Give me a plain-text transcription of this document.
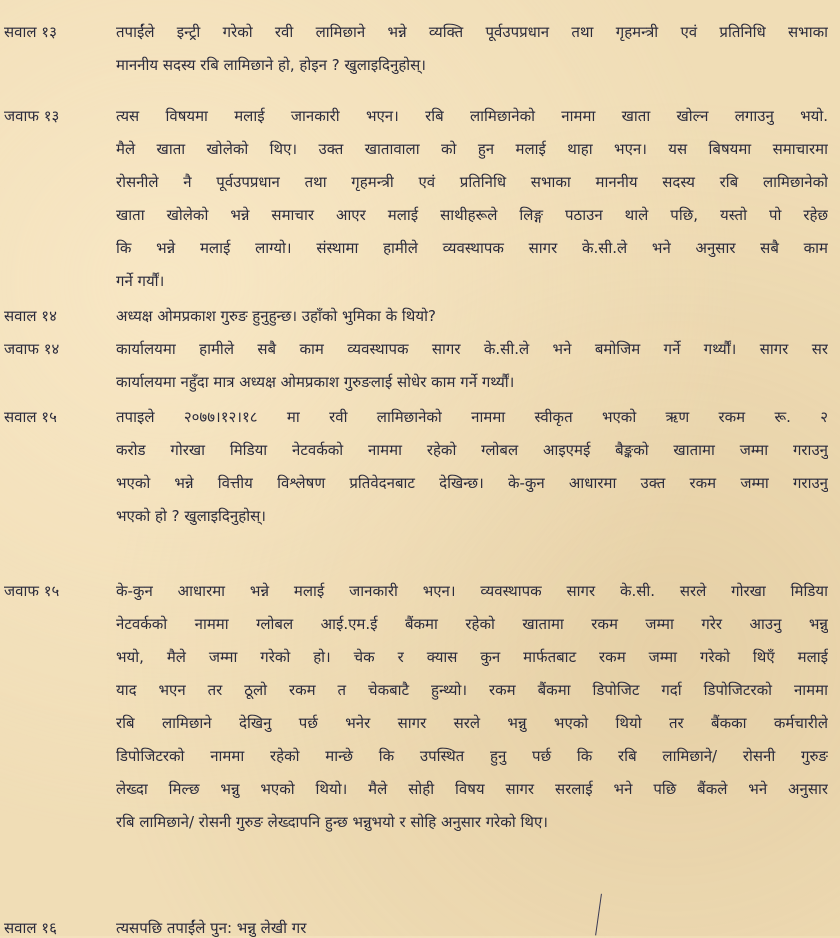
सवाल १३	तपाईंले इन्ट्री गरेको रवी लामिछाने भन्ने व्यक्ति पूर्वउपप्रधान तथा गृहमन्त्री एवं प्रतिनिधि सभाका
माननीय सदस्य रबि लामिछाने हो, होइन ? खुलाइदिनुहोस्।
जवाफ १३	त्यस विषयमा मलाई जानकारी भएन। रबि लामिछानेको नाममा खाता खोल्न लगाउनु भयो.
मैले खाता खोलेको थिए। उक्त खातावाला को हुन मलाई थाहा भएन। यस बिषयमा समाचारमा
रोसनीले नै पूर्वउपप्रधान तथा गृहमन्त्री एवं प्रतिनिधि सभाका माननीय सदस्य रबि लामिछानेको
खाता खोलेको भन्ने समाचार आएर मलाई साथीहरूले लिङ्ग पठाउन थाले पछि, यस्तो पो रहेछ
कि भन्ने मलाई लाग्यो। संस्थामा हामीले व्यवस्थापक सागर के.सी.ले भने अनुसार सबै काम
गर्ने गर्यौं।
सवाल १४	अध्यक्ष ओमप्रकाश गुरुङ हुनुहुन्छ। उहाँको भुमिका के थियो?
जवाफ १४	कार्यालयमा हामीले सबै काम व्यवस्थापक सागर के.सी.ले भने बमोजिम गर्ने गर्थ्यौं। सागर सर
कार्यालयमा नहुँदा मात्र अध्यक्ष ओमप्रकाश गुरुङलाई सोधेर काम गर्ने गर्थ्यौं।
सवाल १५	तपाइले २०७७।१२।१८ मा रवी लामिछानेको नाममा स्वीकृत भएको ऋण रकम रू. २
करोड गोरखा मिडिया नेटवर्कको नाममा रहेको ग्लोबल आइएमई बैङ्कको खातामा जम्मा गराउनु
भएको भन्ने वित्तीय विश्लेषण प्रतिवेदनबाट देखिन्छ। के-कुन आधारमा उक्त रकम जम्मा गराउनु
भएको हो ? खुलाइदिनुहोस्।
जवाफ १५	के-कुन आधारमा भन्ने मलाई जानकारी भएन। व्यवस्थापक सागर के.सी. सरले गोरखा मिडिया
नेटवर्कको नाममा ग्लोबल आई.एम.ई बैंकमा रहेको खातामा रकम जम्मा गरेर आउनु भन्नु
भयो, मैले जम्मा गरेको हो। चेक र क्यास कुन मार्फतबाट रकम जम्मा गरेको थिएँ मलाई
याद भएन तर ठूलो रकम त चेकबाटै हुन्थ्यो। रकम बैंकमा डिपोजिट गर्दा डिपोजिटरको नाममा
रबि लामिछाने देखिनु पर्छ भनेर सागर सरले भन्नु भएको थियो तर बैंकका कर्मचारीले
डिपोजिटरको नाममा रहेको मान्छे कि उपस्थित हुनु पर्छ कि रबि लामिछाने/ रोसनी गुरुङ
लेख्दा मिल्छ भन्नु भएको थियो। मैले सोही विषय सागर सरलाई भने पछि बैंकले भने अनुसार
रबि लामिछाने/ रोसनी गुरुङ लेख्दापनि हुन्छ भन्नुभयो र सोहि अनुसार गरेको थिए।
सवाल १६	त्यसपछि तपाईंले पुन: भन्नु लेखी गर
